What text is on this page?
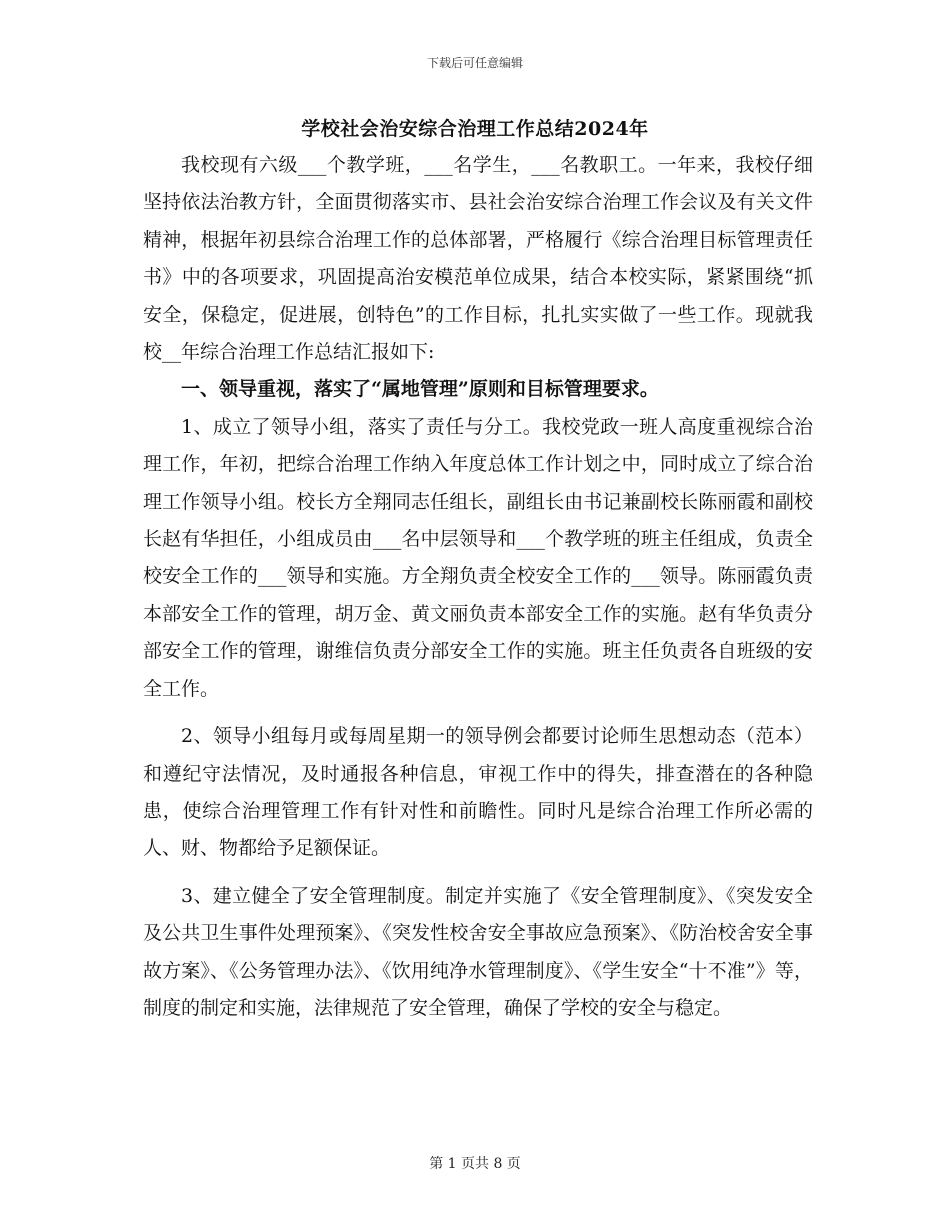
下载后可任意编辑
学校社会治安综合治理工作总结2024年

我校现有六级___个教学班，___名学生，___名教职工。一年来，我校仔细坚持依法治教方针，全面贯彻落实市、县社会治安综合治理工作会议及有关文件精神，根据年初县综合治理工作的总体部署，严格履行《综合治理目标管理责任书》中的各项要求，巩固提高治安模范单位成果，结合本校实际，紧紧围绕“抓安全，保稳定，促进展，创特色”的工作目标，扎扎实实做了一些工作。现就我校__年综合治理工作总结汇报如下:

一、领导重视，落实了“属地管理”原则和目标管理要求。

1、成立了领导小组，落实了责任与分工。我校党政一班人高度重视综合治理工作，年初，把综合治理工作纳入年度总体工作计划之中，同时成立了综合治理工作领导小组。校长方全翔同志任组长，副组长由书记兼副校长陈丽霞和副校长赵有华担任，小组成员由___名中层领导和___个教学班的班主任组成，负责全校安全工作的___领导和实施。方全翔负责全校安全工作的___领导。陈丽霞负责本部安全工作的管理，胡万金、黄文丽负责本部安全工作的实施。赵有华负责分部安全工作的管理，谢维信负责分部安全工作的实施。班主任负责各自班级的安全工作。

2、领导小组每月或每周星期一的领导例会都要讨论师生思想动态（范本）和遵纪守法情况，及时通报各种信息，审视工作中的得失，排查潜在的各种隐患，使综合治理管理工作有针对性和前瞻性。同时凡是综合治理工作所必需的人、财、物都给予足额保证。

3、建立健全了安全管理制度。制定并实施了《安全管理制度》、《突发安全及公共卫生事件处理预案》、《突发性校舍安全事故应急预案》、《防治校舍安全事故方案》、《公务管理办法》、《饮用纯净水管理制度》、《学生安全“十不准”》等，制度的制定和实施，法律规范了安全管理，确保了学校的安全与稳定。

第 1 页共 8 页
